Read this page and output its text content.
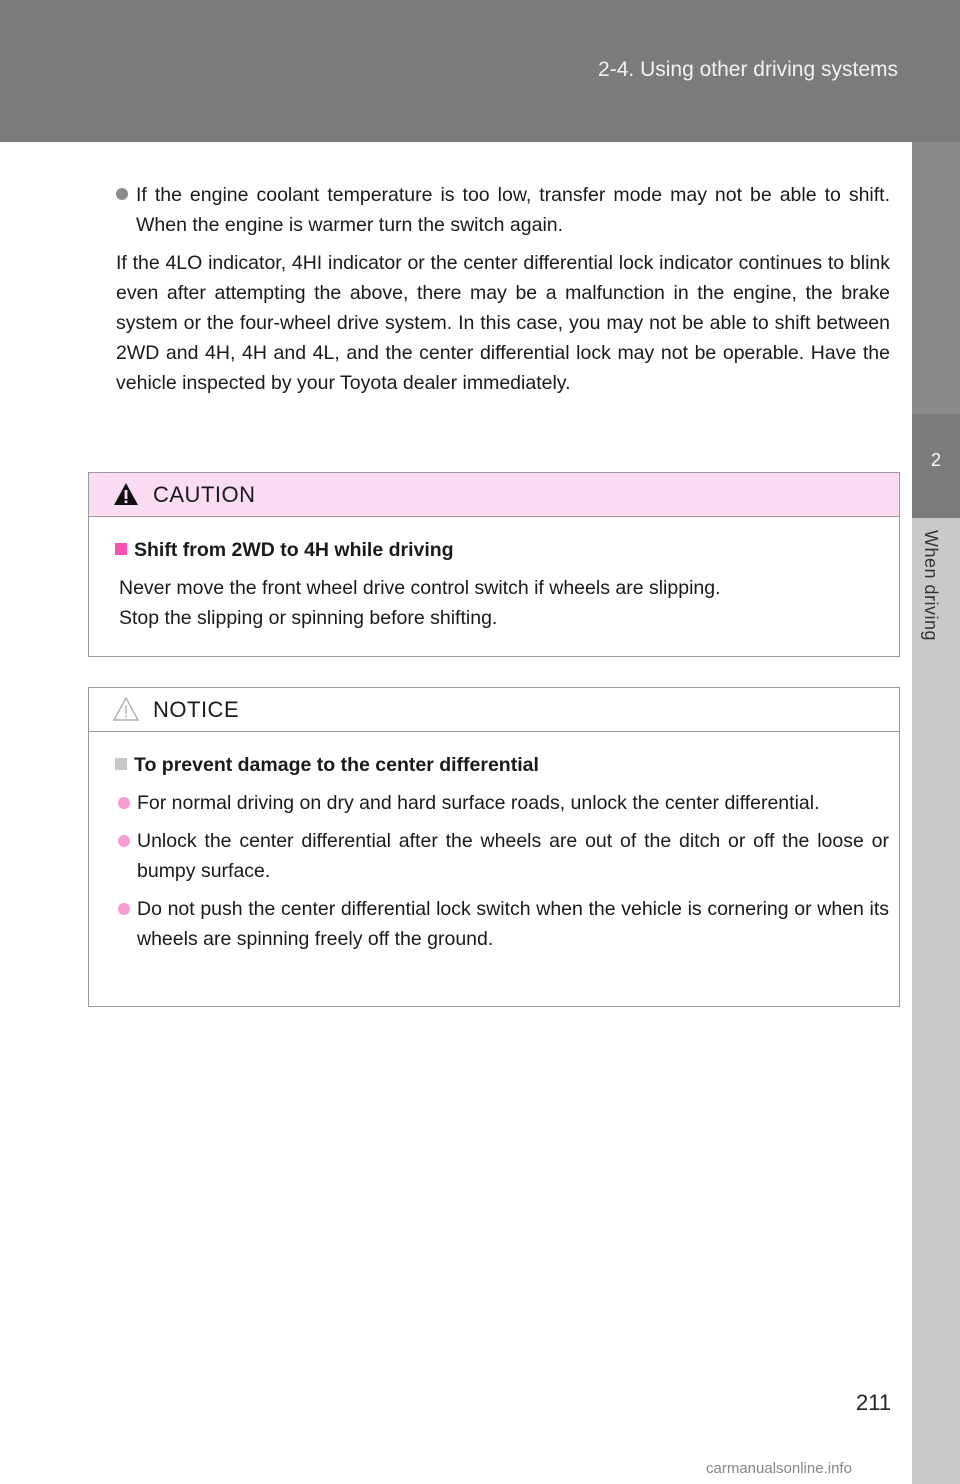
2-4. Using other driving systems
2
When driving
If the engine coolant temperature is too low, transfer mode may not be able to shift. When the engine is warmer turn the switch again.
If the 4LO indicator, 4HI indicator or the center differential lock indicator continues to blink even after attempting the above, there may be a malfunction in the engine, the brake system or the four-wheel drive system. In this case, you may not be able to shift between 2WD and 4H, 4H and 4L, and the center differential lock may not be operable. Have the vehicle inspected by your Toyota dealer immediately.
CAUTION
Shift from 2WD to 4H while driving
Never move the front wheel drive control switch if wheels are slipping.
Stop the slipping or spinning before shifting.
NOTICE
To prevent damage to the center differential
For normal driving on dry and hard surface roads, unlock the center differential.
Unlock the center differential after the wheels are out of the ditch or off the loose or bumpy surface.
Do not push the center differential lock switch when the vehicle is cornering or when its wheels are spinning freely off the ground.
211
carmanualsonline.info
